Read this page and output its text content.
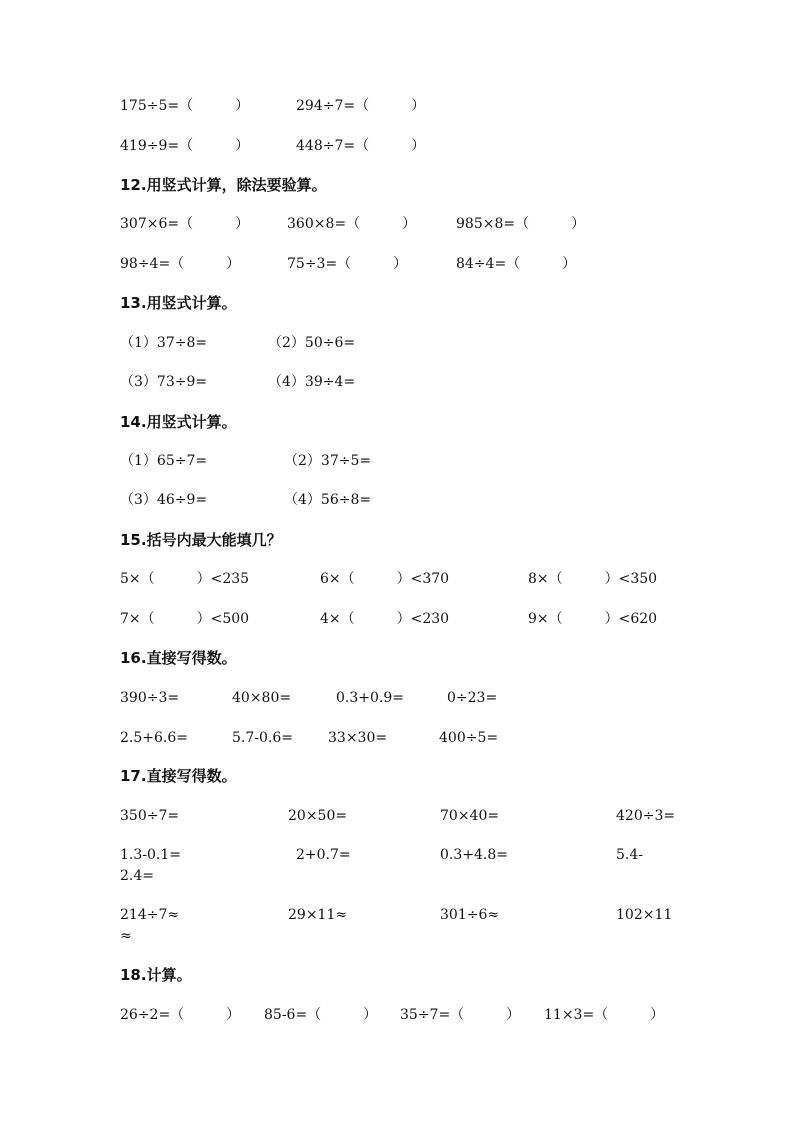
175÷5=（　　　）	294÷7=（　　　）
419÷9=（　　　）	448÷7=（　　　）
12.用竖式计算，除法要验算。
307×6=（　　　）	360×8=（　　　）	985×8=（　　　）
98÷4=（　　　）	75÷3=（　　　）	84÷4=（　　　）
13.用竖式计算。
（1）37÷8=	（2）50÷6=
（3）73÷9=	（4）39÷4=
14.用竖式计算。
（1）65÷7=	（2）37÷5=
（3）46÷9=	（4）56÷8=
15.括号内最大能填几？
5×（　　　）<235	6×（　　　）<370	8×（　　　）<350
7×（　　　）<500	4×（　　　）<230	9×（　　　）<620
16.直接写得数。
390÷3=	40×80=	0.3+0.9=	0÷23=
2.5+6.6=	5.7-0.6=	33×30=	400÷5=
17.直接写得数。
350÷7=	20×50=	70×40=	420÷3=
1.3-0.1=	2+0.7=	0.3+4.8=	5.4-
2.4=
214÷7≈	29×11≈	301÷6≈	102×11
≈
18.计算。
26÷2=（　　　） 85-6=（　　　） 35÷7=（　　　） 11×3=（　　　）
